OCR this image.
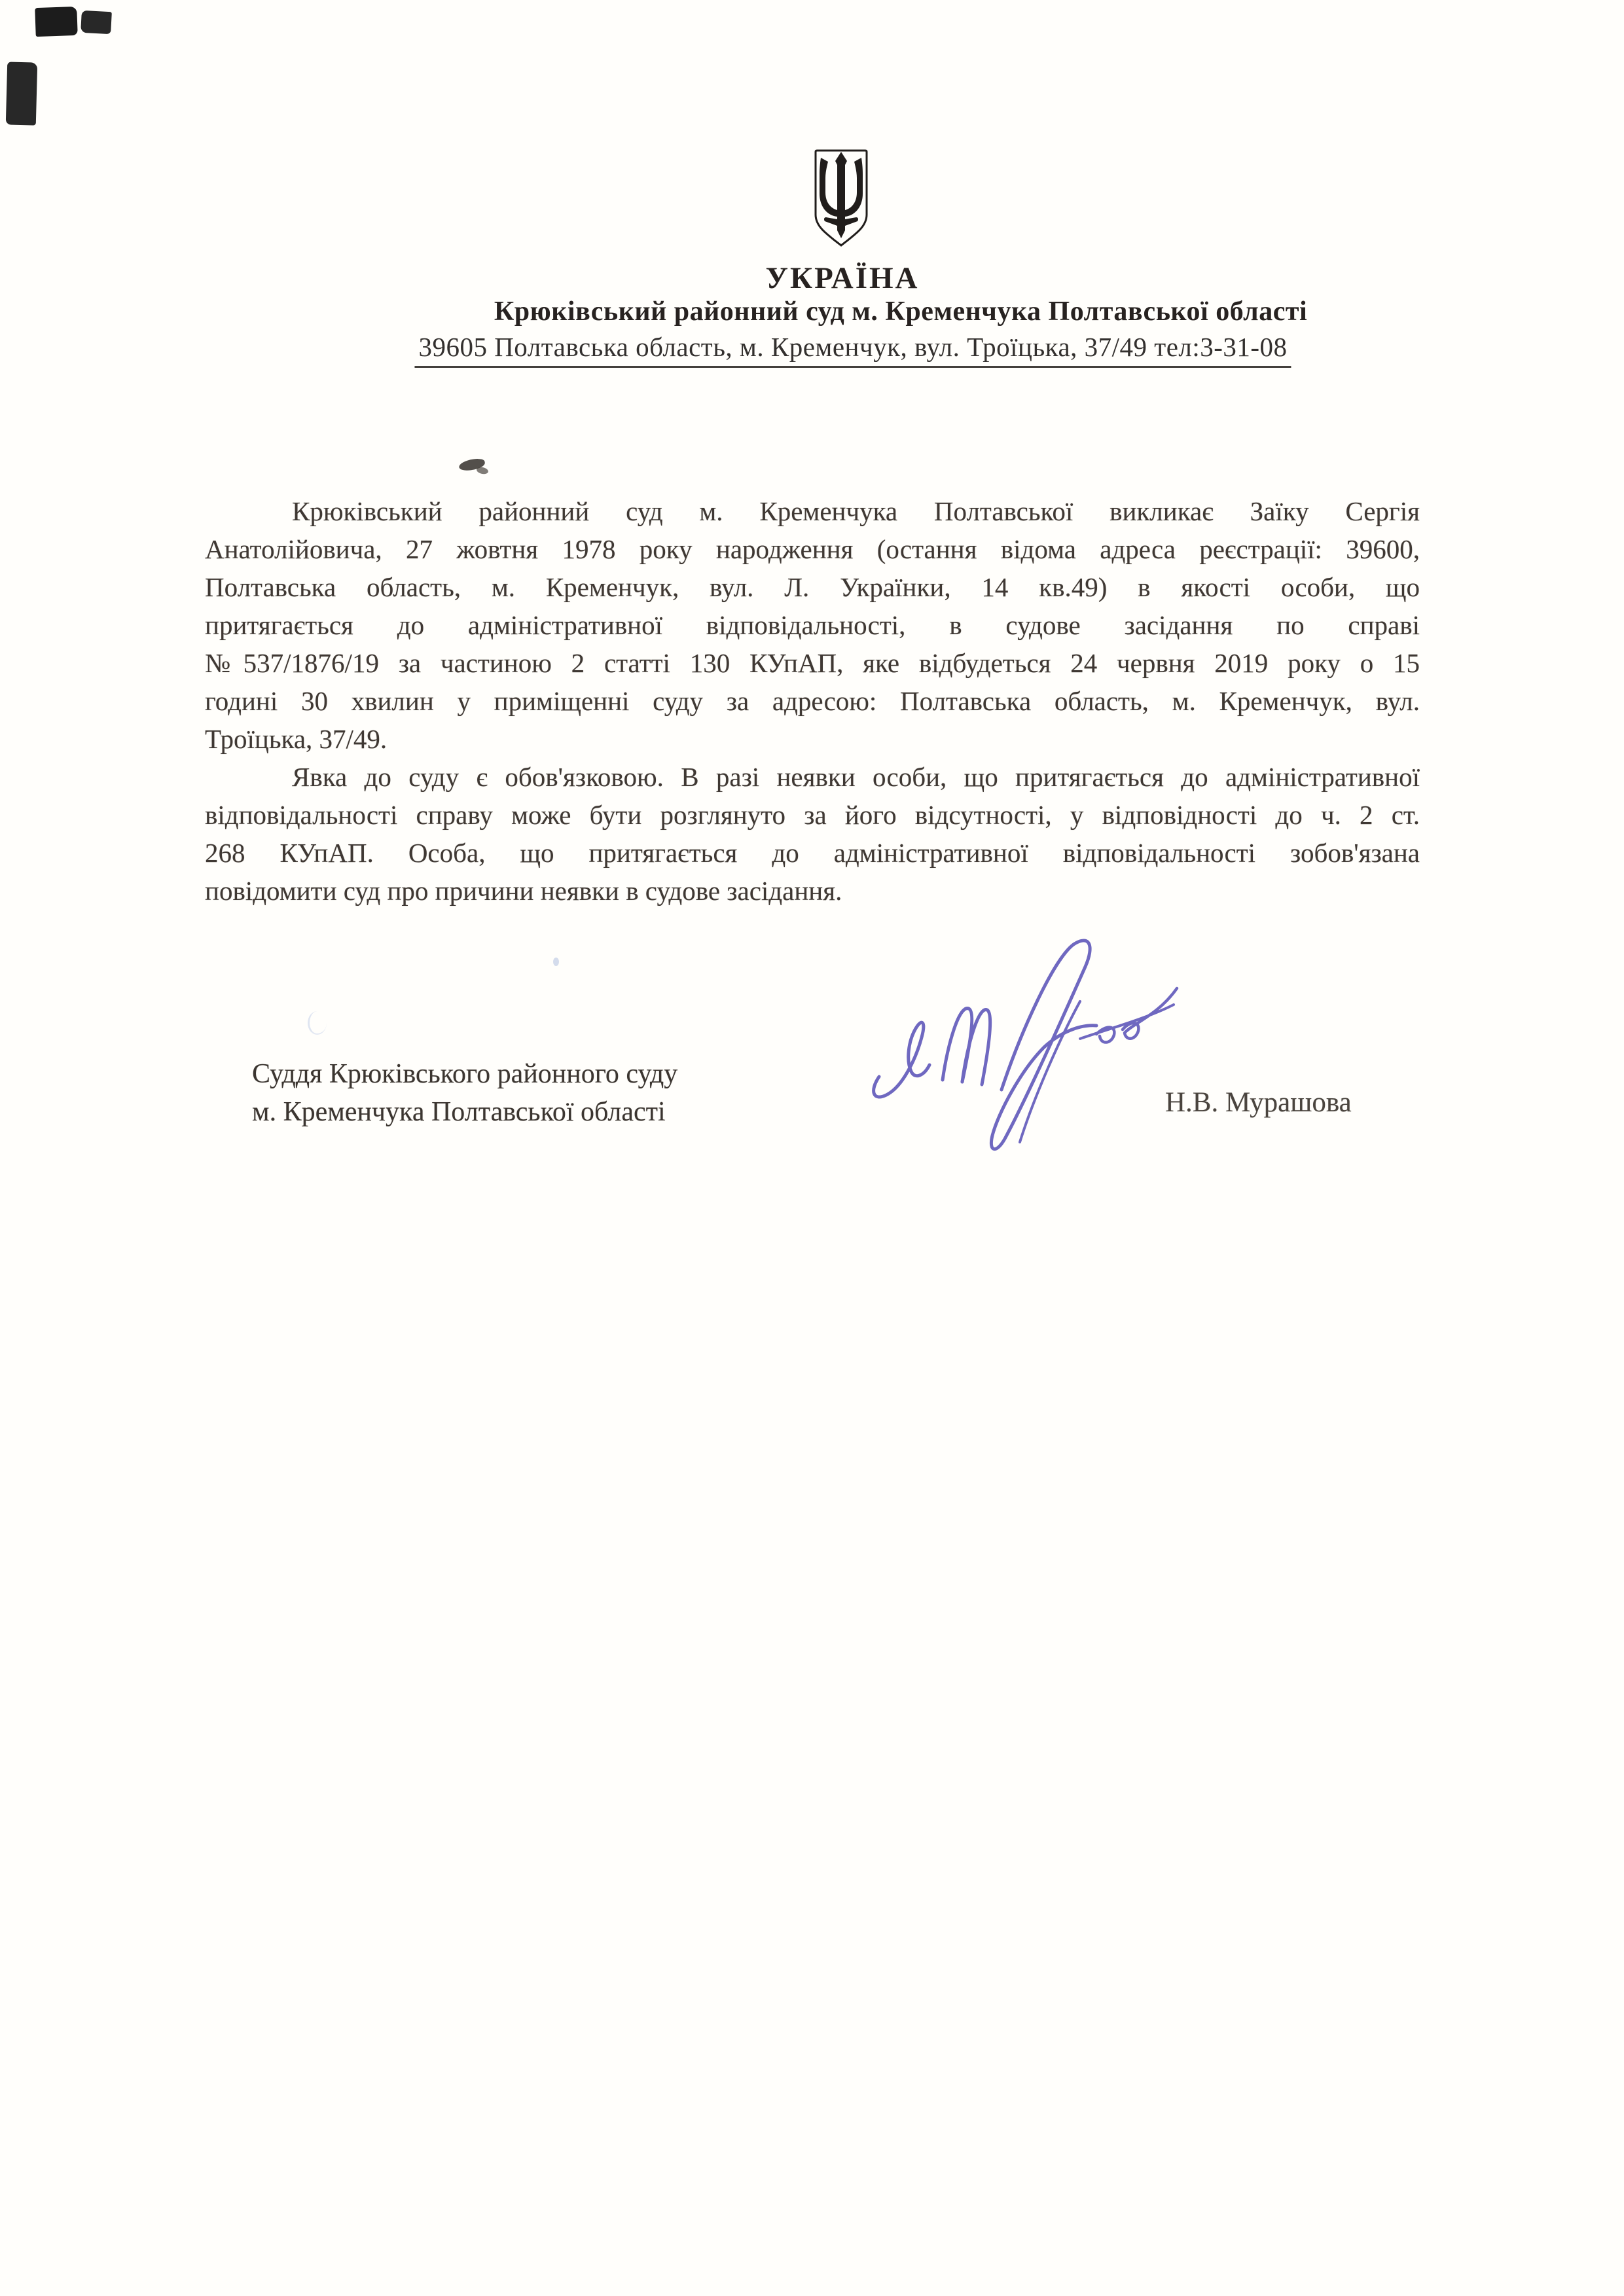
УКРАЇНА
Крюківський районний суд м. Кременчука Полтавської області
39605 Полтавська область, м. Кременчук, вул. Троїцька, 37/49 тел:3-31-08
Крюківський районний суд м. Кременчука Полтавської викликає Заїку Сергія
Анатолійовича, 27 жовтня 1978 року народження (остання відома адреса реєстрації: 39600,
Полтавська область, м. Кременчук, вул. Л. Українки, 14 кв.49) в якості особи, що
притягається до адміністративної відповідальності, в судове засідання по справі
№537/1876/19 за частиною 2 статті 130 КУпАП, яке відбудеться 24 червня 2019 року о 15
годині 30 хвилин у приміщенні суду за адресою: Полтавська область, м. Кременчук, вул.
Троїцька, 37/49.
Явка до суду є обов'язковою. В разі неявки особи, що притягається до адміністративної
відповідальності справу може бути розглянуто за його відсутності, у відповідності до ч. 2 ст.
268 КУпАП. Особа, що притягається до адміністративної відповідальності зобов'язана
повідомити суд про причини неявки в судове засідання.
Суддя Крюківського районного суду
м. Кременчука Полтавської області	Н.В. Мурашова
